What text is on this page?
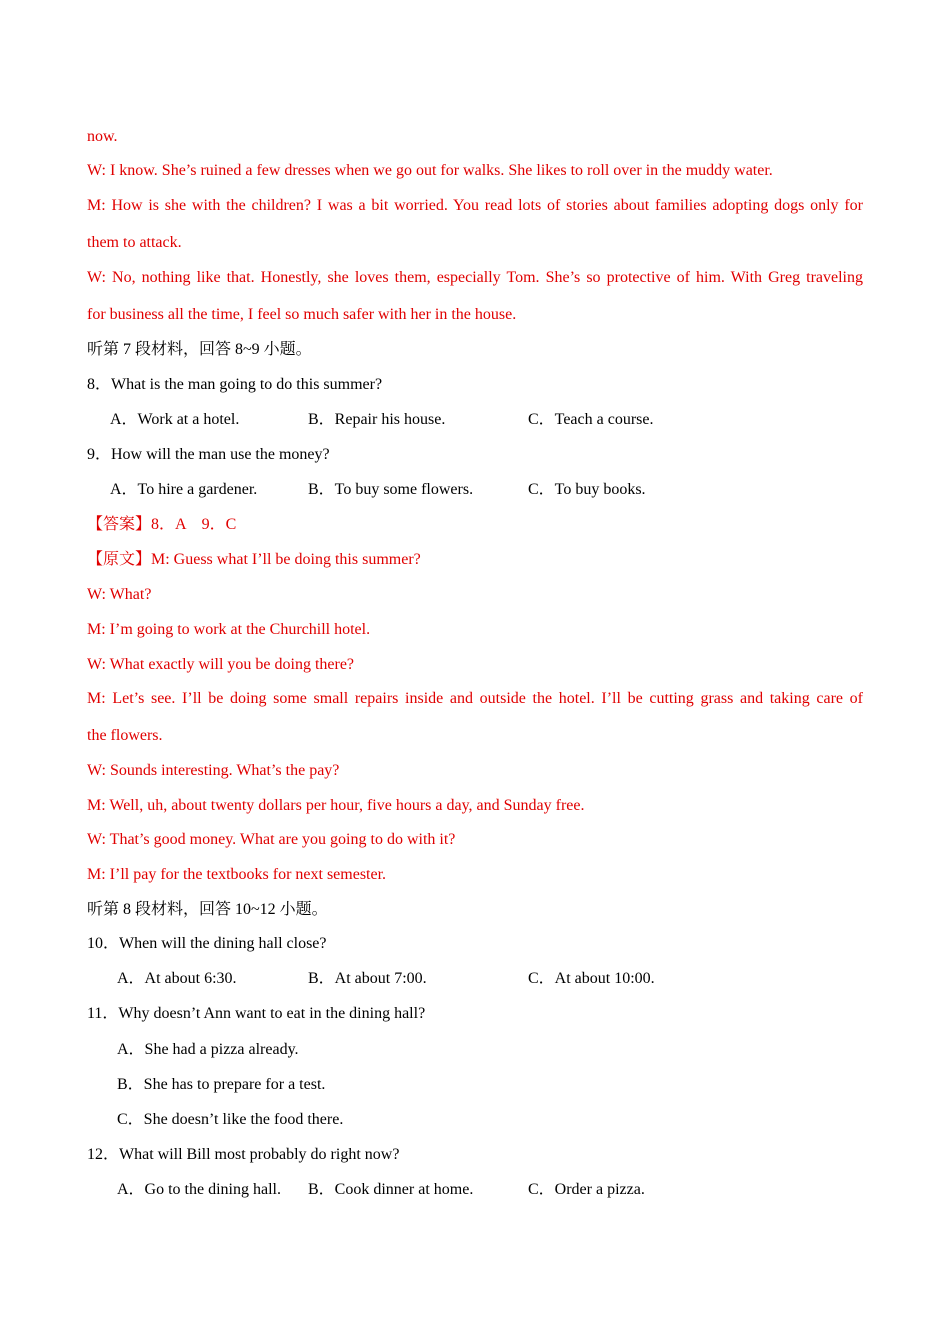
now.
W: I know. She’s ruined a few dresses when we go out for walks. She likes to roll over in the muddy water.
M: How is she with the children? I was a bit worried. You read lots of stories about families adopting dogs only for
them to attack.
W: No, nothing like that. Honestly, she loves them, especially Tom. She’s so protective of him. With Greg traveling
for business all the time, I feel so much safer with her in the house.
听第 7 段材料，回答 8~9 小题。
8．What is the man going to do this summer?
A．Work at a hotel.	B．Repair his house.	C．Teach a course.
9．How will the man use the money?
A．To hire a gardener.	B．To buy some flowers.	C．To buy books.
【答案】8．A　9．C
【原文】M: Guess what I’ll be doing this summer?
W: What?
M: I’m going to work at the Churchill hotel.
W: What exactly will you be doing there?
M: Let’s see. I’ll be doing some small repairs inside and outside the hotel. I’ll be cutting grass and taking care of
the flowers.
W: Sounds interesting. What’s the pay?
M: Well, uh, about twenty dollars per hour, five hours a day, and Sunday free.
W: That’s good money. What are you going to do with it?
M: I’ll pay for the textbooks for next semester.
听第 8 段材料，回答 10~12 小题。
10．When will the dining hall close?
A．At about 6:30.	B．At about 7:00.	C．At about 10:00.
11．Why doesn’t Ann want to eat in the dining hall?
A．She had a pizza already.
B．She has to prepare for a test.
C．She doesn’t like the food there.
12．What will Bill most probably do right now?
A．Go to the dining hall. B．Cook dinner at home.	C．Order a pizza.
